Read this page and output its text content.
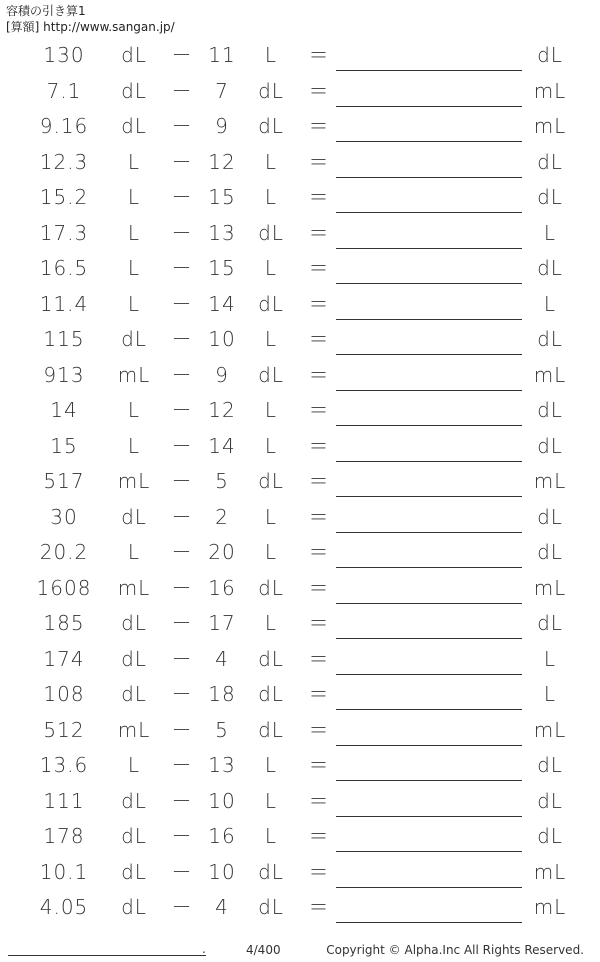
容積の引き算1
[算額] http://www.sangan.jp/
130	dL	－ 11	L	＝	dL
7.1	dL	－	7	dL	＝	mL
9.16	dL	－	9	dL	＝	mL
12.3	L	－ 12	L	＝	dL
15.2	L	－ 15	L	＝	dL
17.3	L	－ 13	dL	＝	L
16.5	L	－ 15	L	＝	dL
11.4	L	－ 14	dL	＝	L
115	dL	－ 10	L	＝	dL
913	mL －	9	dL	＝	mL
14	L	－ 12	L	＝	dL
15	L	－ 14	L	＝	dL
517	mL －	5	dL	＝	mL
30	dL	－	2	L	＝	dL
20.2	L	－ 20	L	＝	dL
1608	mL － 16	dL	＝	mL
185	dL	－ 17	L	＝	dL
174	dL	－	4	dL	＝	L
108	dL	－ 18	dL	＝	L
512	mL －	5	dL	＝	mL
13.6	L	－ 13	L	＝	dL
111	dL	－ 10	L	＝	dL
178	dL	－ 16	L	＝	dL
10.1	dL	－ 10	dL	＝	mL
4.05	dL	－	4	dL	＝	mL
.	4/400	Copyright © Alpha.Inc All Rights Reserved.
